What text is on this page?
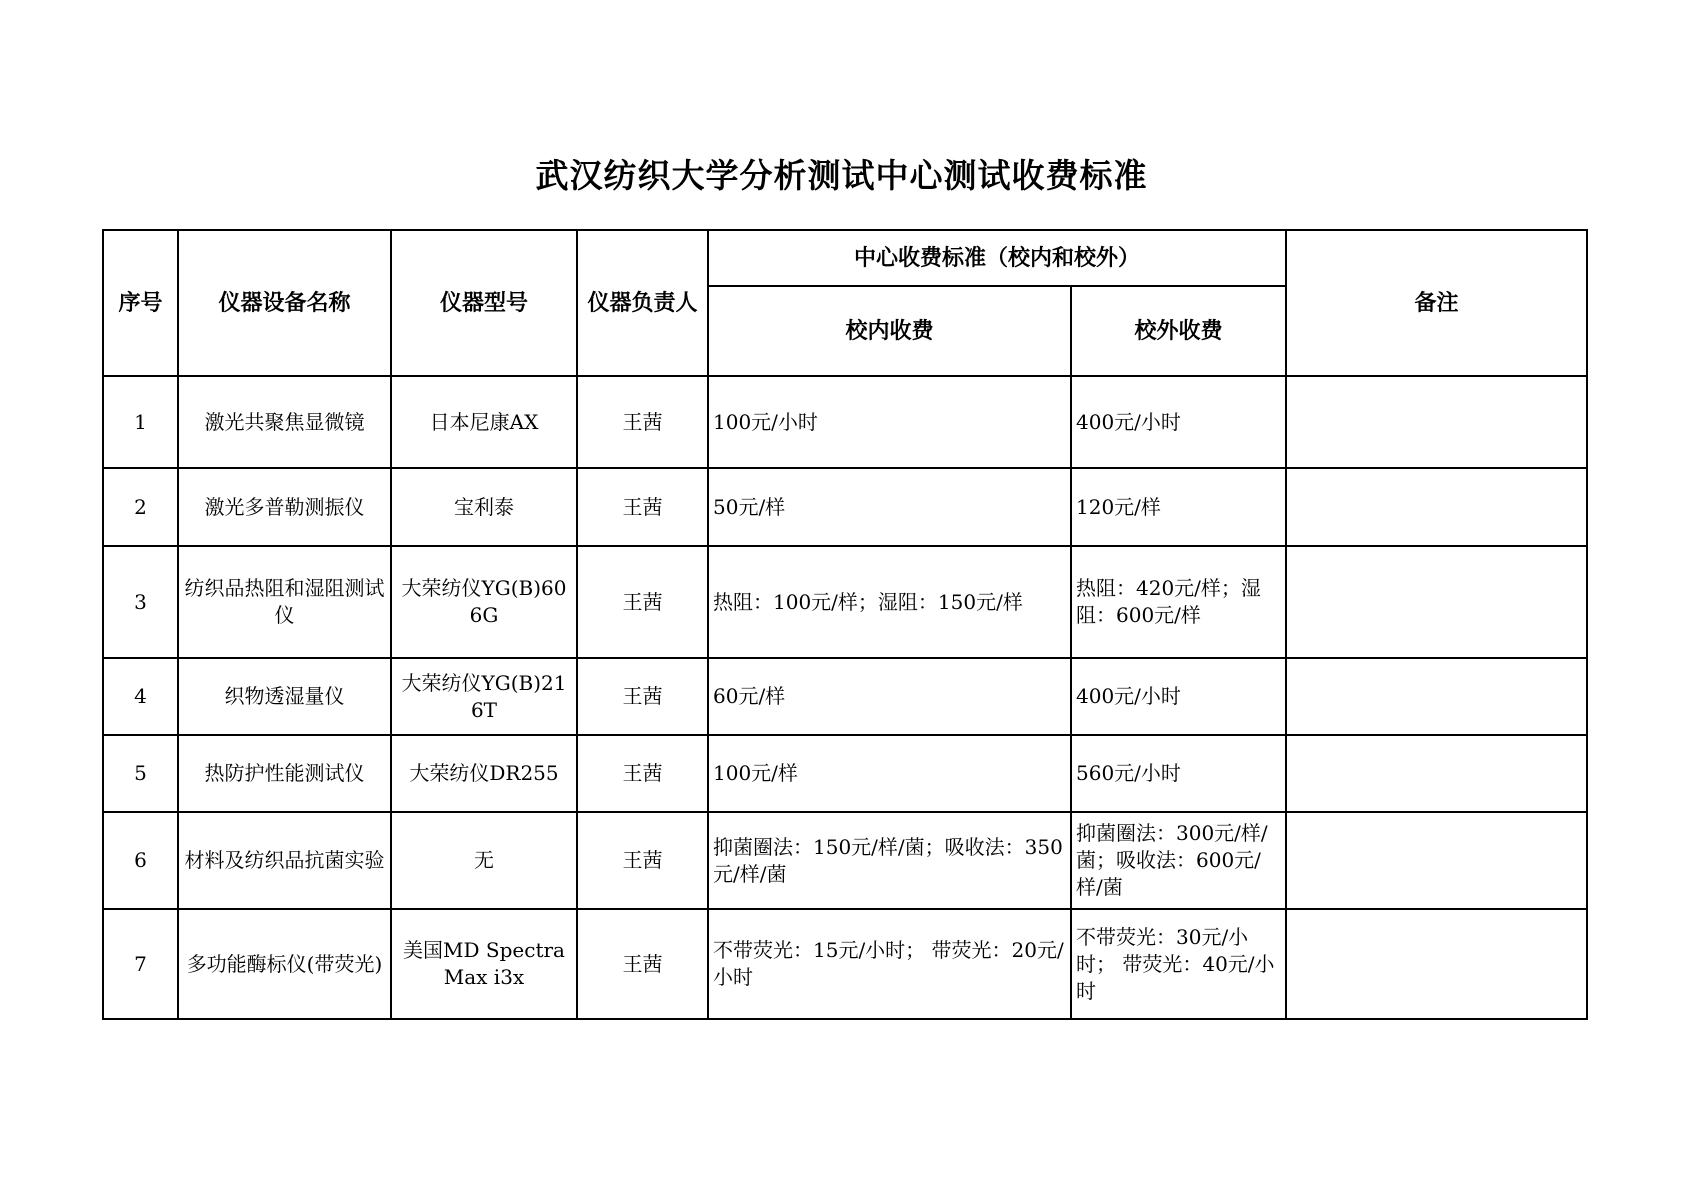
武汉纺织大学分析测试中心测试收费标准
序号	仪器设备名称	仪器型号	仪器负责人	中心收费标准（校内和校外）		备注
				校内收费	校外收费	
1	激光共聚焦显微镜	日本尼康AX	王茜	100元/小时	400元/小时	
2	激光多普勒测振仪	宝利泰	王茜	50元/样	120元/样	
3	纺织品热阻和湿阻测试仪	大荣纺仪YG(B)606G	王茜	热阻：100元/样；湿阻：150元/样	热阻：420元/样；湿阻：600元/样	
4	织物透湿量仪	大荣纺仪YG(B)216T	王茜	60元/样	400元/小时	
5	热防护性能测试仪	大荣纺仪DR255	王茜	100元/样	560元/小时	
6	材料及纺织品抗菌实验	无	王茜	抑菌圈法：150元/样/菌；吸收法：350元/样/菌	抑菌圈法：300元/样/菌；吸收法：600元/样/菌	
7	多功能酶标仪(带荧光)	美国MD SpectraMax i3x	王茜	不带荧光：15元/小时； 带荧光：20元/小时	不带荧光：30元/小时； 带荧光：40元/小时	
